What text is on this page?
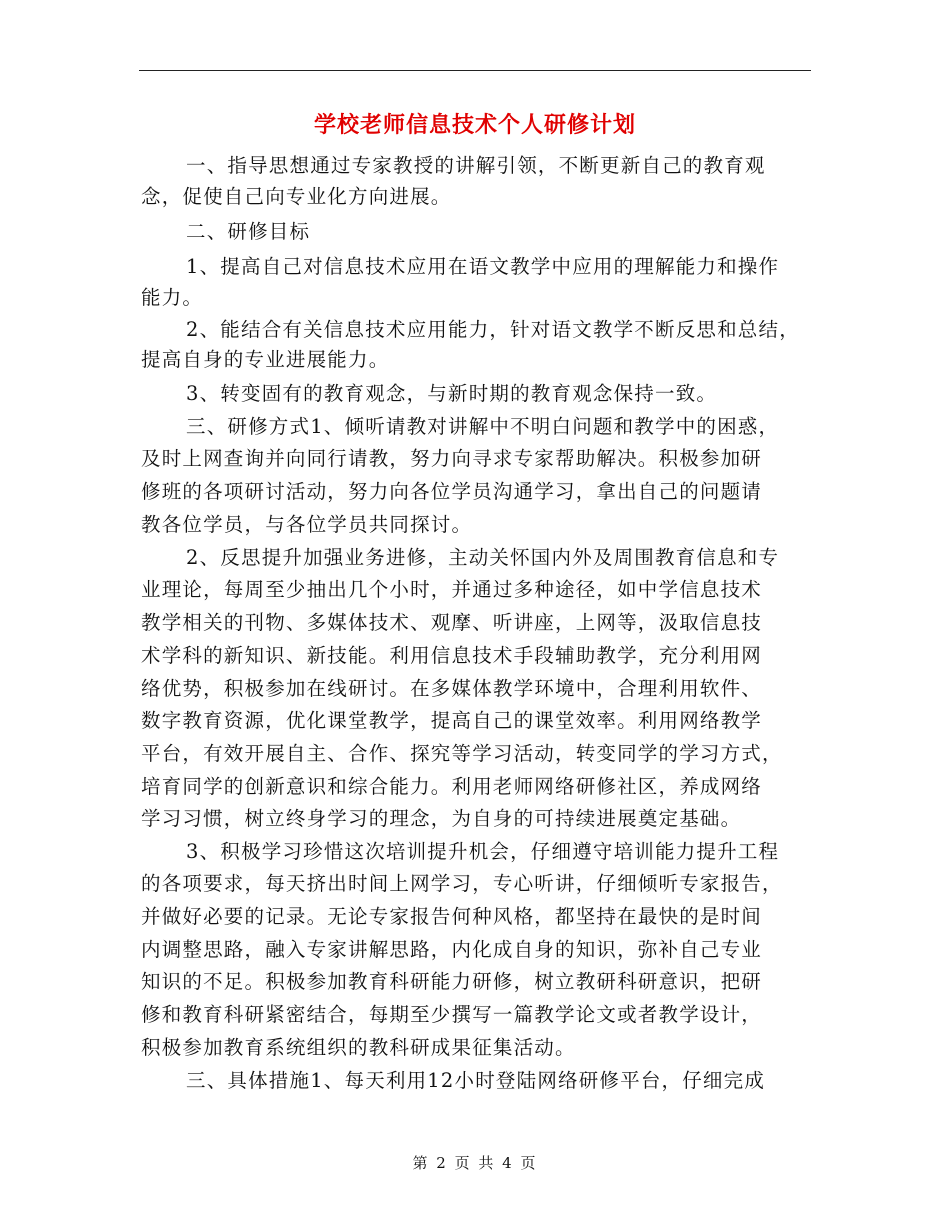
学校老师信息技术个人研修计划
一、指导思想通过专家教授的讲解引领，不断更新自己的教育观
念，促使自己向专业化方向进展。
二、研修目标
1、提高自己对信息技术应用在语文教学中应用的理解能力和操作
能力。
2、能结合有关信息技术应用能力，针对语文教学不断反思和总结，
提高自身的专业进展能力。
3、转变固有的教育观念，与新时期的教育观念保持一致。
三、研修方式1、倾听请教对讲解中不明白问题和教学中的困惑，
及时上网查询并向同行请教，努力向寻求专家帮助解决。积极参加研
修班的各项研讨活动，努力向各位学员沟通学习，拿出自己的问题请
教各位学员，与各位学员共同探讨。
2、反思提升加强业务进修，主动关怀国内外及周围教育信息和专
业理论，每周至少抽出几个小时，并通过多种途径，如中学信息技术
教学相关的刊物、多媒体技术、观摩、听讲座，上网等，汲取信息技
术学科的新知识、新技能。利用信息技术手段辅助教学，充分利用网
络优势，积极参加在线研讨。在多媒体教学环境中，合理利用软件、
数字教育资源，优化课堂教学，提高自己的课堂效率。利用网络教学
平台，有效开展自主、合作、探究等学习活动，转变同学的学习方式，
培育同学的创新意识和综合能力。利用老师网络研修社区，养成网络
学习习惯，树立终身学习的理念，为自身的可持续进展奠定基础。
3、积极学习珍惜这次培训提升机会，仔细遵守培训能力提升工程
的各项要求，每天挤出时间上网学习，专心听讲，仔细倾听专家报告，
并做好必要的记录。无论专家报告何种风格，都坚持在最快的是时间
内调整思路，融入专家讲解思路，内化成自身的知识，弥补自己专业
知识的不足。积极参加教育科研能力研修，树立教研科研意识，把研
修和教育科研紧密结合，每期至少撰写一篇教学论文或者教学设计，
积极参加教育系统组织的教科研成果征集活动。
三、具体措施1、每天利用12小时登陆网络研修平台，仔细完成
第 2 页 共 4 页
